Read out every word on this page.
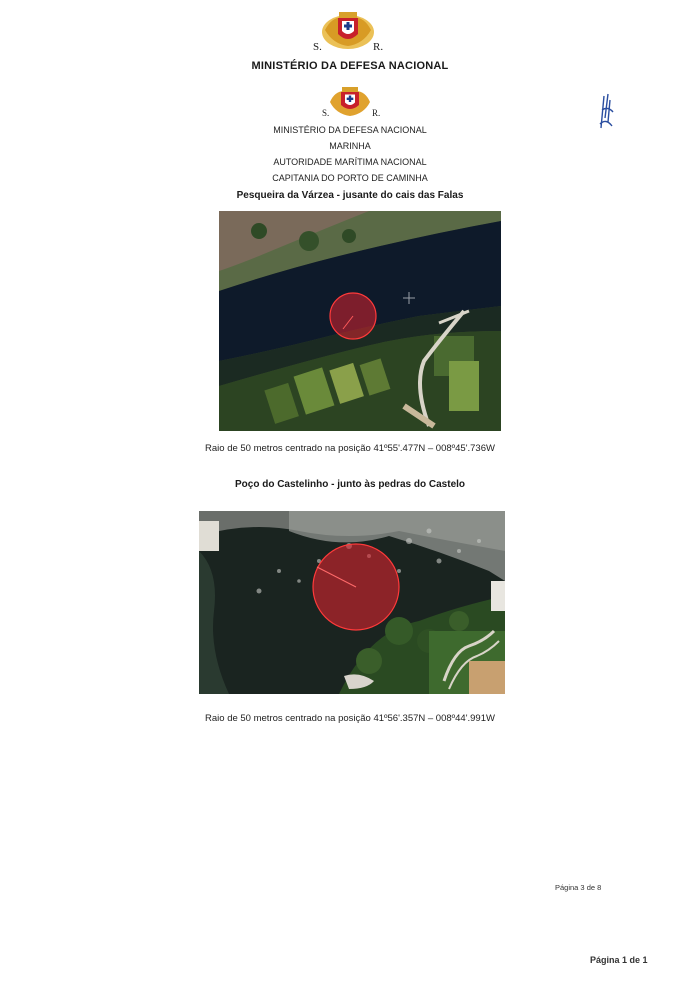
S.	R.
MINISTÉRIO DA DEFESA NACIONAL
S.	R.
MINISTÉRIO DA DEFESA NACIONAL
MARINHA
AUTORIDADE MARÍTIMA NACIONAL
CAPITANIA DO PORTO DE CAMINHA
Pesqueira da Várzea - jusante do cais das Falas
Raio de 50 metros centrado na posição 41º55'.477N – 008º45'.736W
Poço do Castelinho - junto às pedras do Castelo
Raio de 50 metros centrado na posição 41º56'.357N – 008º44'.991W
Página 3 de 8
Página 1 de 1
